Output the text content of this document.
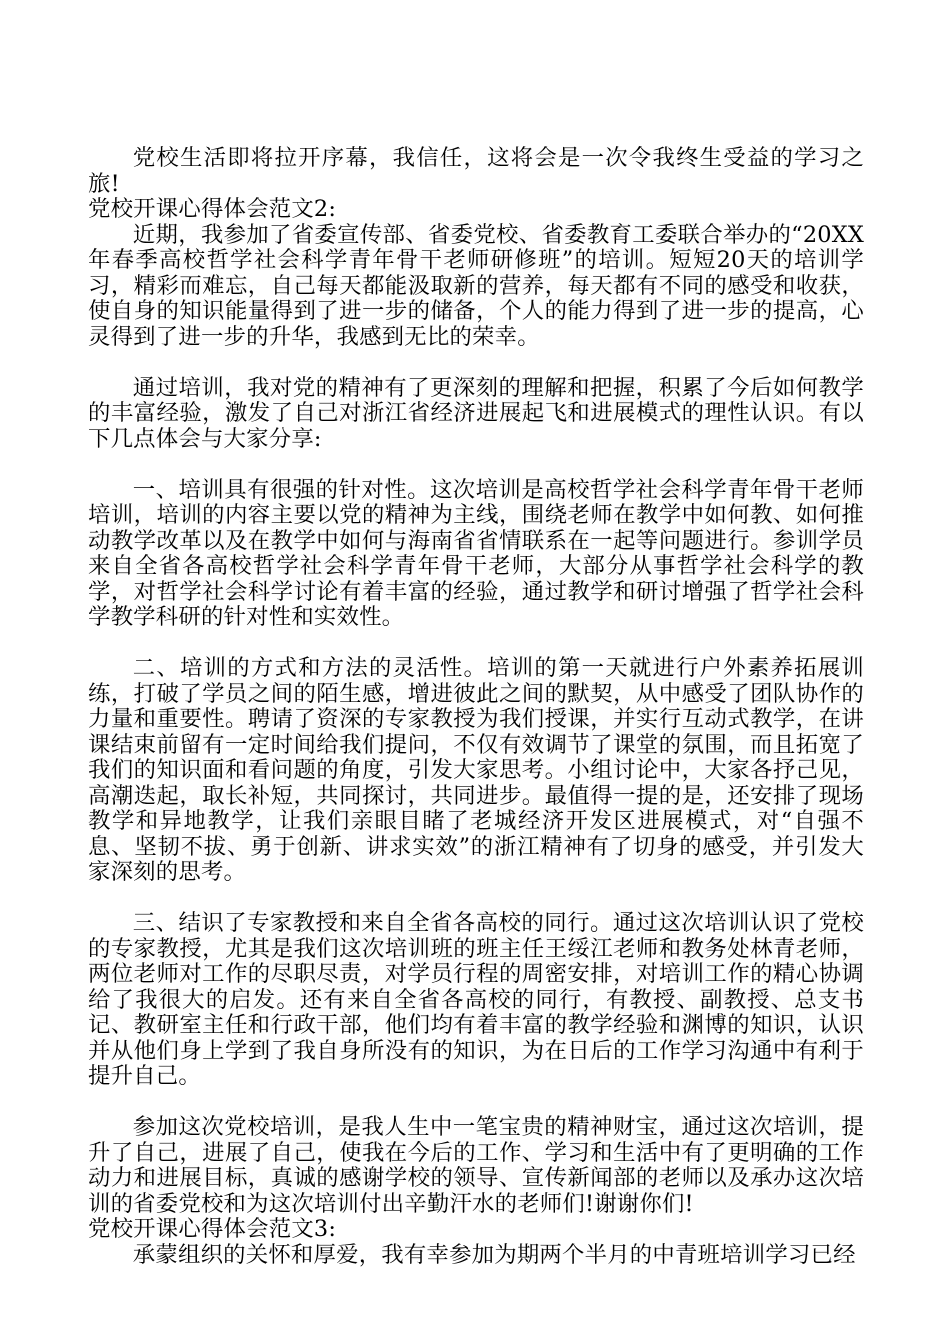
党校生活即将拉开序幕，我信任，这将会是一次令我终生受益的学习之旅!

党校开课心得体会范文2:

近期，我参加了省委宣传部、省委党校、省委教育工委联合举办的“20XX年春季高校哲学社会科学青年骨干老师研修班”的培训。短短20天的培训学习，精彩而难忘，自己每天都能汲取新的营养，每天都有不同的感受和收获，使自身的知识能量得到了进一步的储备，个人的能力得到了进一步的提高，心灵得到了进一步的升华，我感到无比的荣幸。

通过培训，我对党的精神有了更深刻的理解和把握，积累了今后如何教学的丰富经验，激发了自己对浙江省经济进展起飞和进展模式的理性认识。有以下几点体会与大家分享:

一、培训具有很强的针对性。这次培训是高校哲学社会科学青年骨干老师培训，培训的内容主要以党的精神为主线，围绕老师在教学中如何教、如何推动教学改革以及在教学中如何与海南省省情联系在一起等问题进行。参训学员来自全省各高校哲学社会科学青年骨干老师，大部分从事哲学社会科学的教学，对哲学社会科学讨论有着丰富的经验，通过教学和研讨增强了哲学社会科学教学科研的针对性和实效性。

二、培训的方式和方法的灵活性。培训的第一天就进行户外素养拓展训练，打破了学员之间的陌生感，增进彼此之间的默契，从中感受了团队协作的力量和重要性。聘请了资深的专家教授为我们授课，并实行互动式教学，在讲课结束前留有一定时间给我们提问，不仅有效调节了课堂的氛围，而且拓宽了我们的知识面和看问题的角度，引发大家思考。小组讨论中，大家各抒己见，高潮迭起，取长补短，共同探讨，共同进步。最值得一提的是，还安排了现场教学和异地教学，让我们亲眼目睹了老城经济开发区进展模式，对“自强不息、坚韧不拔、勇于创新、讲求实效”的浙江精神有了切身的感受，并引发大家深刻的思考。

三、结识了专家教授和来自全省各高校的同行。通过这次培训认识了党校的专家教授，尤其是我们这次培训班的班主任王绥江老师和教务处林青老师，两位老师对工作的尽职尽责，对学员行程的周密安排，对培训工作的精心协调给了我很大的启发。还有来自全省各高校的同行，有教授、副教授、总支书记、教研室主任和行政干部，他们均有着丰富的教学经验和渊博的知识，认识并从他们身上学到了我自身所没有的知识，为在日后的工作学习沟通中有利于提升自己。

参加这次党校培训，是我人生中一笔宝贵的精神财宝，通过这次培训，提升了自己，进展了自己，使我在今后的工作、学习和生活中有了更明确的工作动力和进展目标，真诚的感谢学校的领导、宣传新闻部的老师以及承办这次培训的省委党校和为这次培训付出辛勤汗水的老师们!谢谢你们!

党校开课心得体会范文3:

承蒙组织的关怀和厚爱，我有幸参加为期两个半月的中青班培训学习已经
